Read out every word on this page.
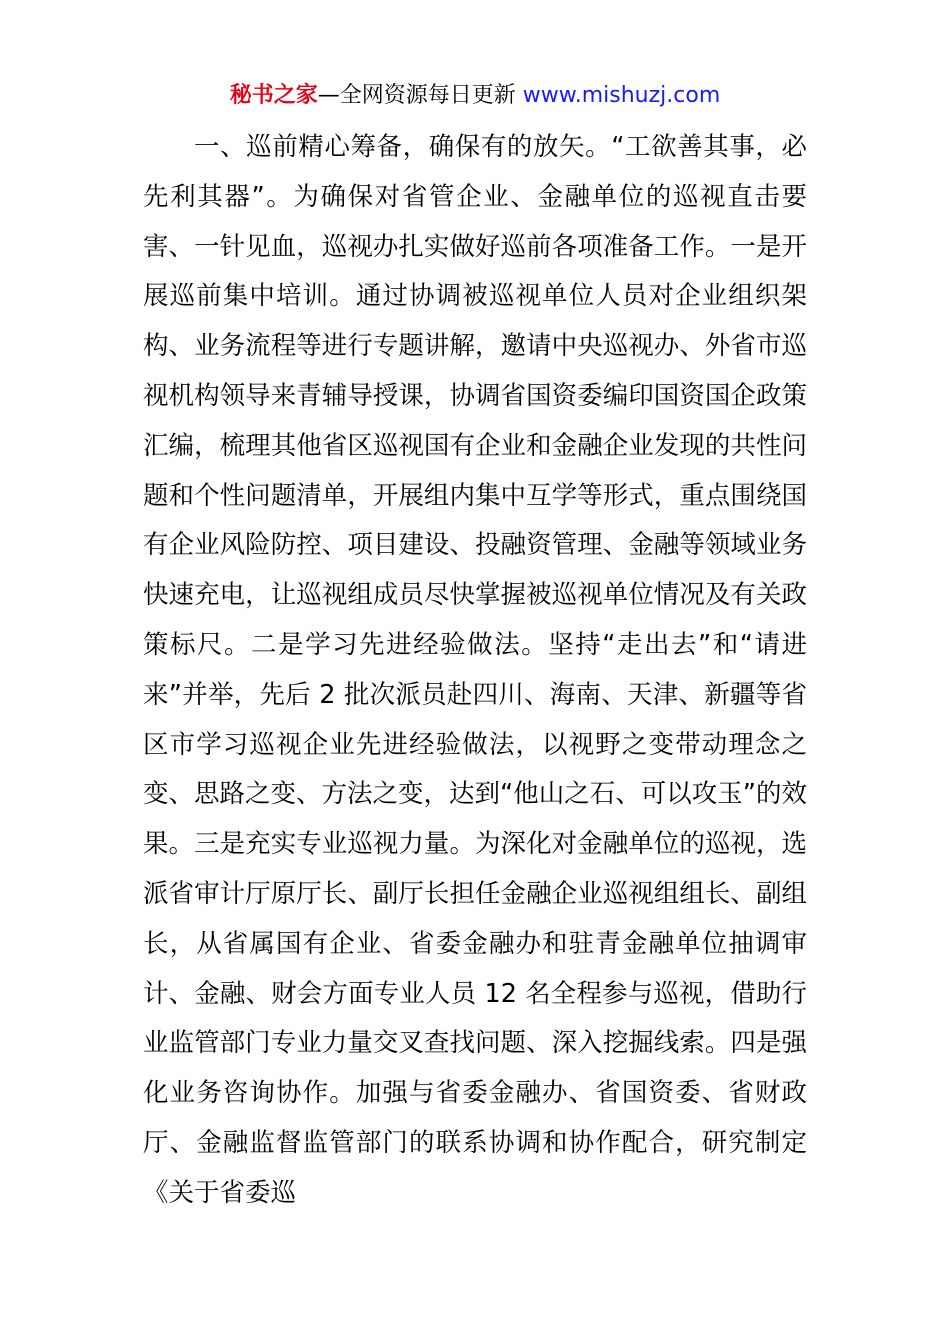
秘书之家—全网资源每日更新 www.mishuzj.com

一、巡前精心筹备，确保有的放矢。“工欲善其事，必先利其器”。为确保对省管企业、金融单位的巡视直击要害、一针见血，巡视办扎实做好巡前各项准备工作。一是开展巡前集中培训。通过协调被巡视单位人员对企业组织架构、业务流程等进行专题讲解，邀请中央巡视办、外省市巡视机构领导来青辅导授课，协调省国资委编印国资国企政策汇编，梳理其他省区巡视国有企业和金融企业发现的共性问题和个性问题清单，开展组内集中互学等形式，重点围绕国有企业风险防控、项目建设、投融资管理、金融等领域业务快速充电，让巡视组成员尽快掌握被巡视单位情况及有关政策标尺。二是学习先进经验做法。坚持“走出去”和“请进来”并举，先后 2 批次派员赴四川、海南、天津、新疆等省区市学习巡视企业先进经验做法，以视野之变带动理念之变、思路之变、方法之变，达到“他山之石、可以攻玉”的效果。三是充实专业巡视力量。为深化对金融单位的巡视，选派省审计厅原厅长、副厅长担任金融企业巡视组组长、副组长，从省属国有企业、省委金融办和驻青金融单位抽调审计、金融、财会方面专业人员 12 名全程参与巡视，借助行业监管部门专业力量交叉查找问题、深入挖掘线索。四是强化业务咨询协作。加强与省委金融办、省国资委、省财政厅、金融监督监管部门的联系协调和协作配合，研究制定《关于省委巡
